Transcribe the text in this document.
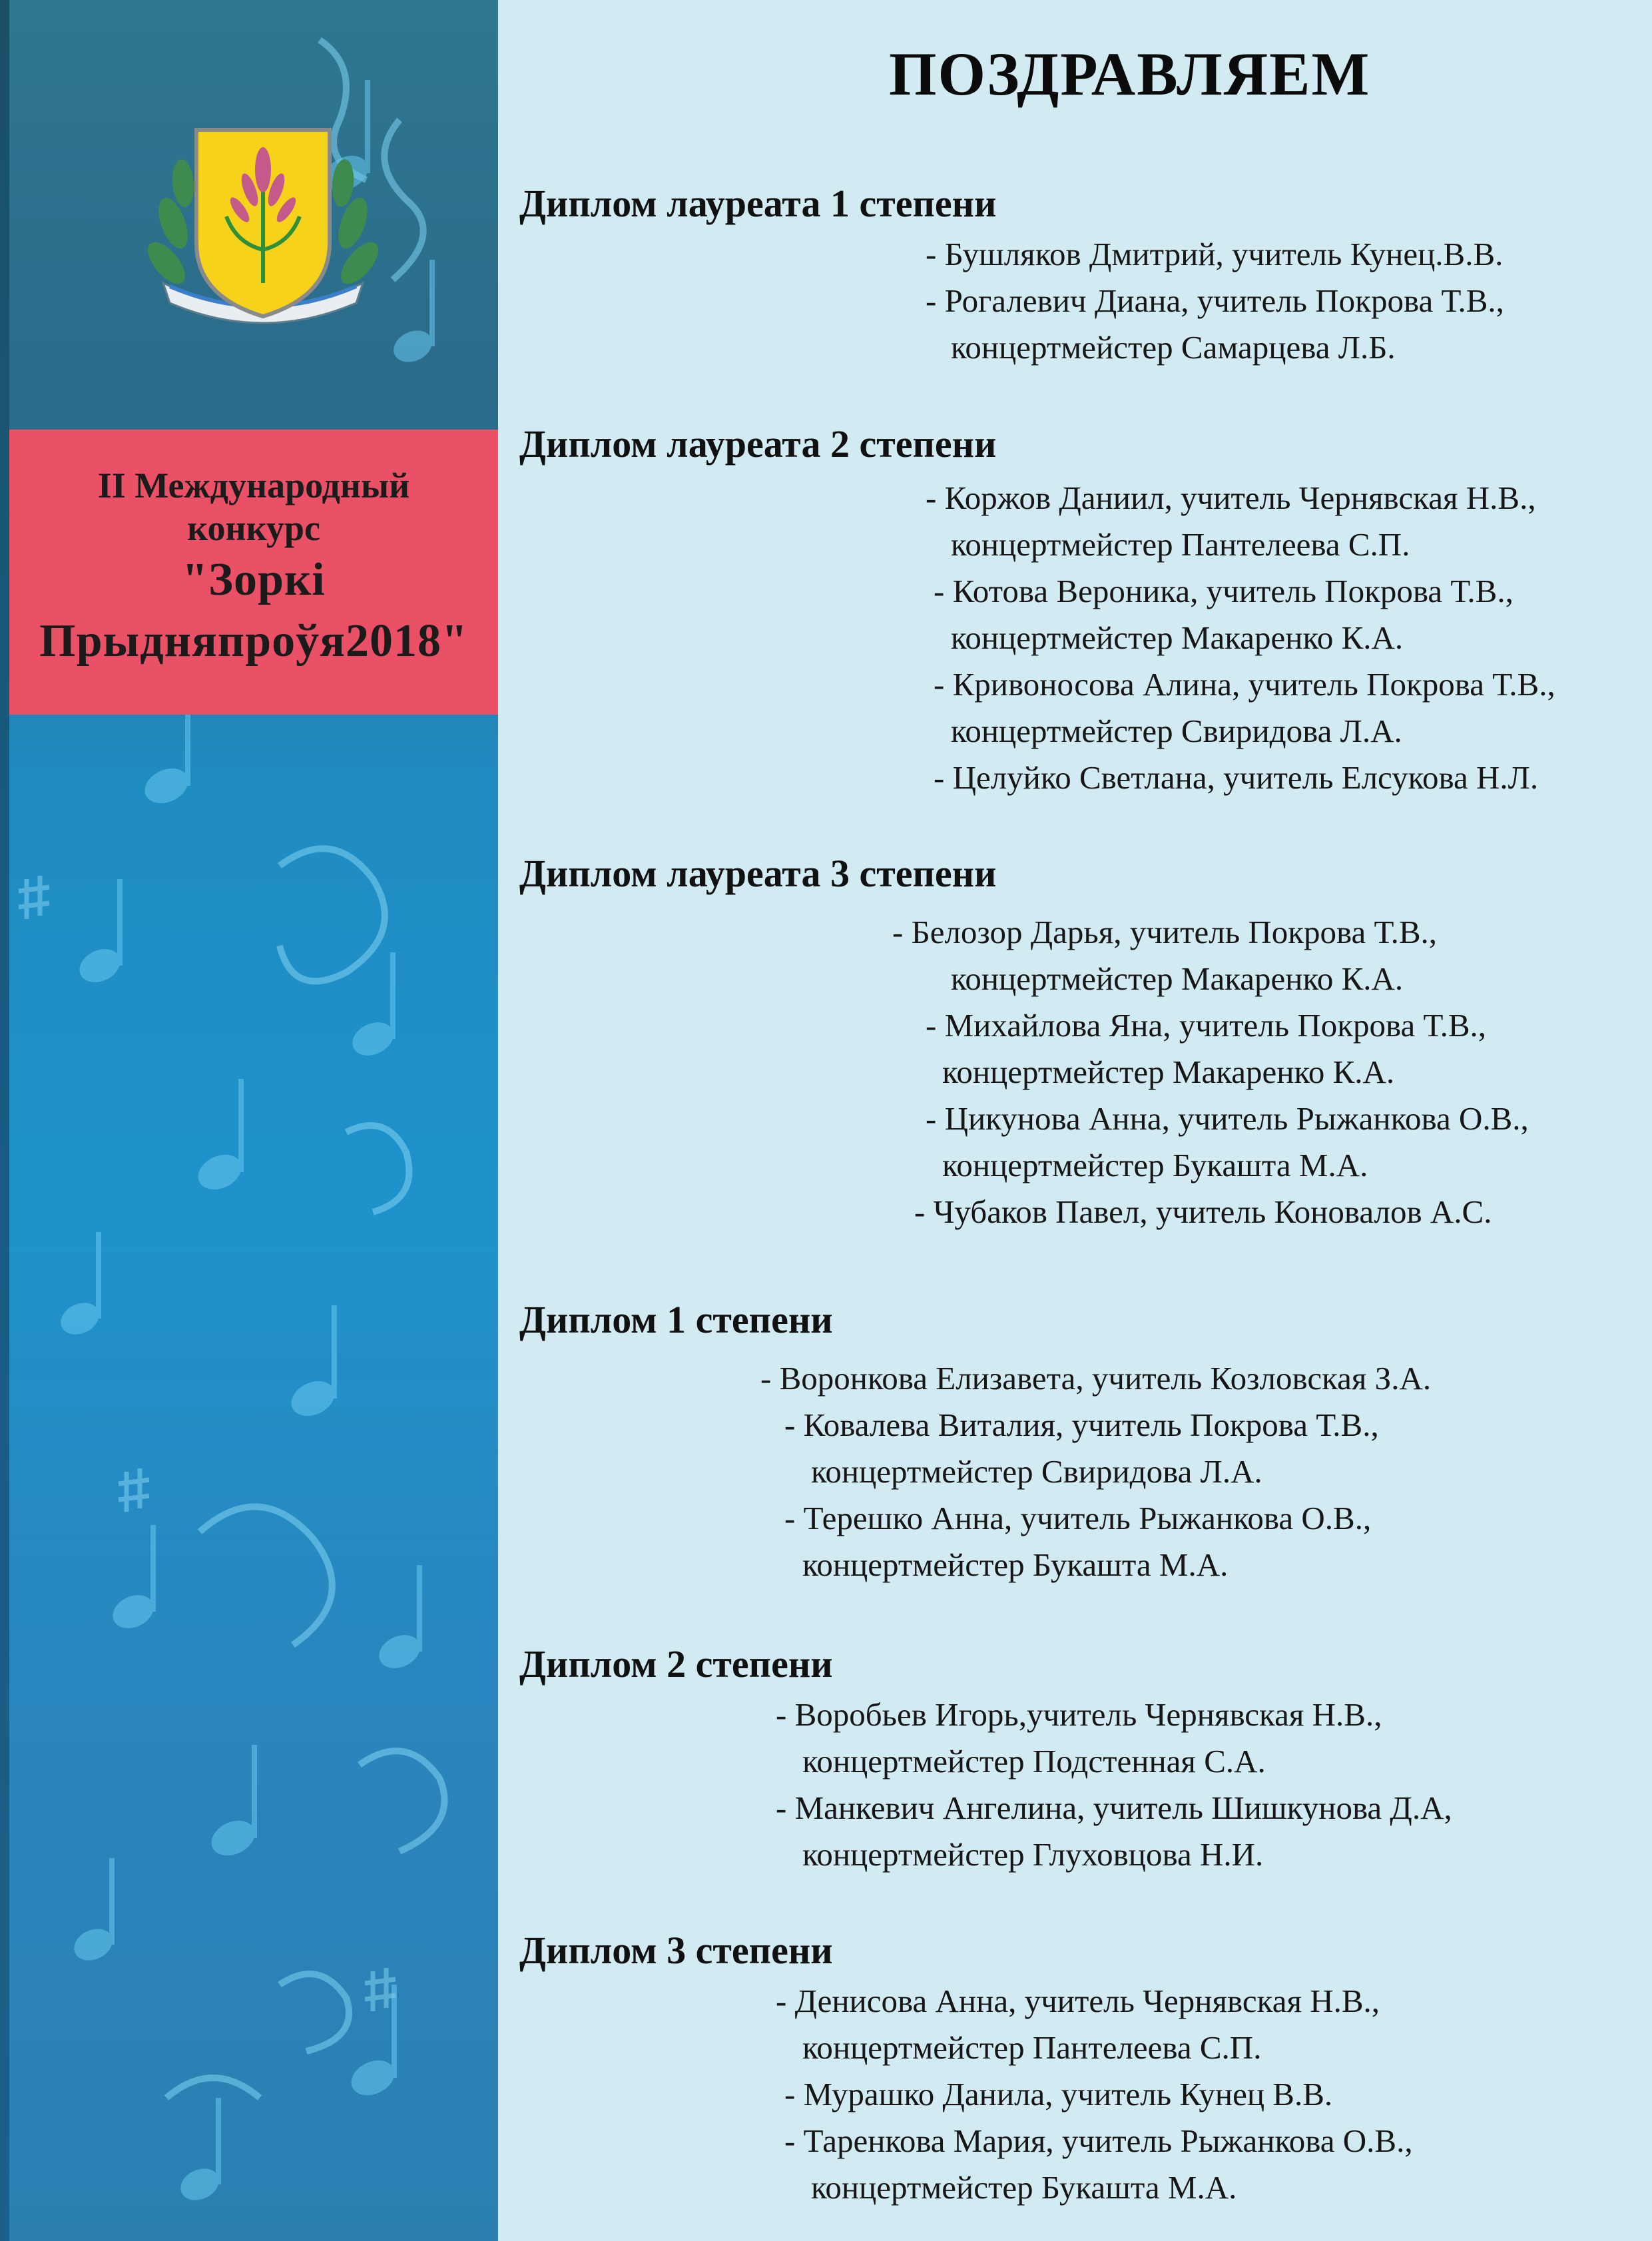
II Международный
конкурс
"Зоркі
Прыдняпроўя2018"
ПОЗДРАВЛЯЕМ
Диплом лауреата 1 степени
- Бушляков Дмитрий, учитель Кунец.В.В.
- Рогалевич Диана, учитель Покрова Т.В.,
концертмейстер Самарцева Л.Б.
Диплом лауреата 2 степени
- Коржов Даниил, учитель Чернявская Н.В.,
концертмейстер Пантелеева С.П.
- Котова Вероника, учитель Покрова Т.В.,
концертмейстер Макаренко К.А.
- Кривоносова Алина, учитель Покрова Т.В.,
концертмейстер Свиридова Л.А.
- Целуйко Светлана, учитель Елсукова Н.Л.
Диплом лауреата 3 степени
- Белозор Дарья, учитель Покрова Т.В.,
концертмейстер Макаренко К.А.
- Михайлова Яна, учитель Покрова Т.В.,
концертмейстер Макаренко К.А.
- Цикунова Анна, учитель Рыжанкова О.В.,
концертмейстер Букашта М.А.
- Чубаков Павел, учитель Коновалов А.С.
Диплом 1 степени
- Воронкова Елизавета, учитель Козловская З.А.
- Ковалева Виталия, учитель Покрова Т.В.,
концертмейстер Свиридова Л.А.
- Терешко Анна, учитель Рыжанкова О.В.,
концертмейстер Букашта М.А.
Диплом 2 степени
- Воробьев Игорь,учитель Чернявская Н.В.,
концертмейстер Подстенная С.А.
- Манкевич Ангелина, учитель Шишкунова Д.А,
концертмейстер Глуховцова Н.И.
Диплом 3 степени
- Денисова Анна, учитель Чернявская Н.В.,
концертмейстер Пантелеева С.П.
- Мурашко Данила, учитель Кунец В.В.
- Таренкова Мария, учитель Рыжанкова О.В.,
концертмейстер Букашта М.А.
